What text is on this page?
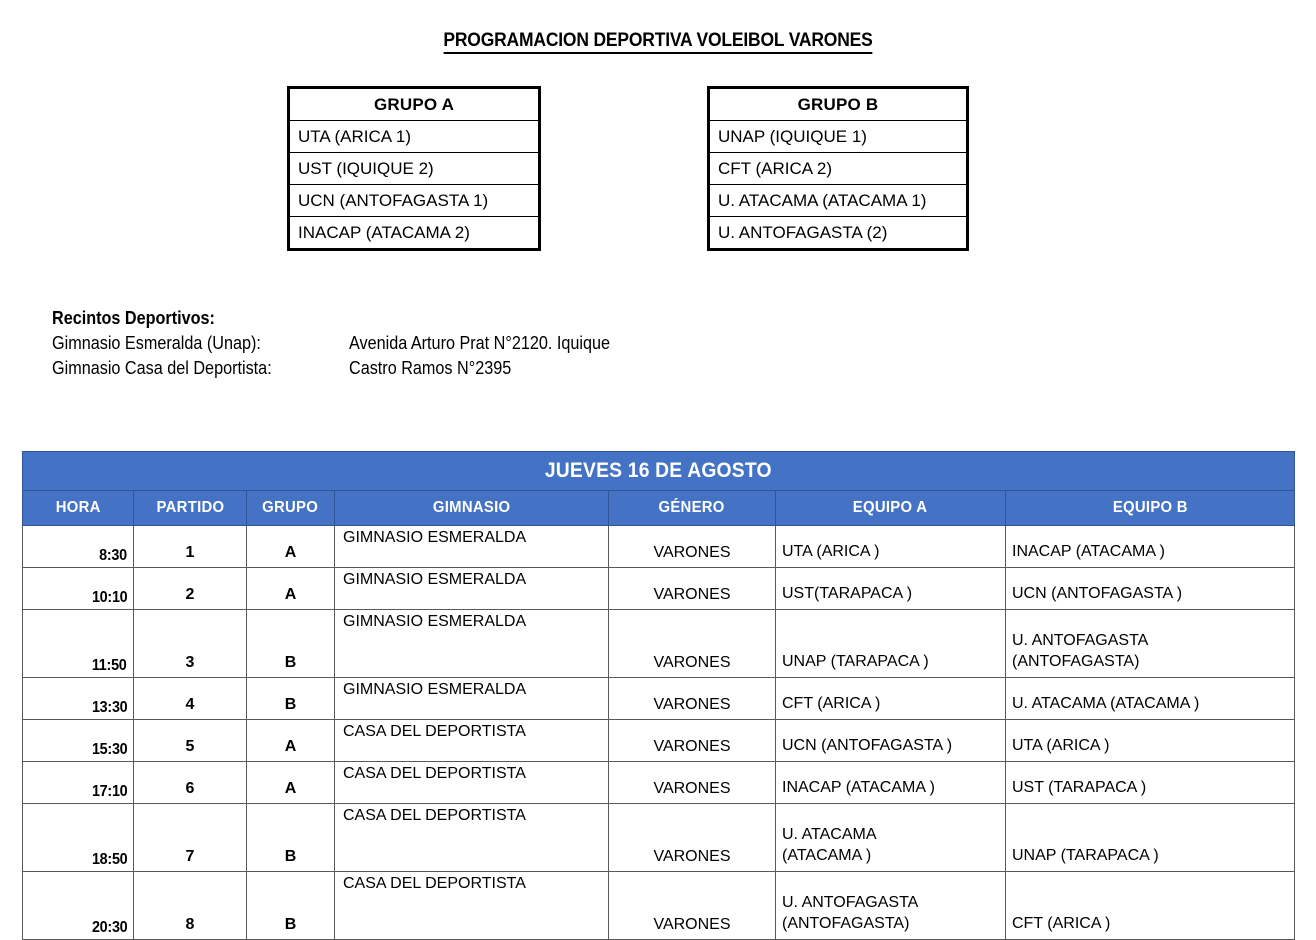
PROGRAMACION DEPORTIVA VOLEIBOL VARONES
GRUPO A
UTA (ARICA 1)
UST (IQUIQUE 2)
UCN (ANTOFAGASTA 1)
INACAP (ATACAMA 2)
GRUPO B
UNAP (IQUIQUE 1)
CFT (ARICA 2)
U. ATACAMA (ATACAMA 1)
U. ANTOFAGASTA (2)
Recintos Deportivos:
Gimnasio Esmeralda (Unap):	Avenida Arturo Prat N°2120. Iquique
Gimnasio Casa del Deportista:	Castro Ramos N°2395
JUEVES 16 DE AGOSTO						
HORA	PARTIDO	GRUPO	GIMNASIO	GÉNERO	EQUIPO A	EQUIPO B
8:30	1	A	GIMNASIO ESMERALDA	VARONES	UTA (ARICA )	INACAP (ATACAMA )

10:10	2	A	GIMNASIO ESMERALDA	VARONES	UST(TARAPACA )	UCN (ANTOFAGASTA )

11:50	3	B	GIMNASIO ESMERALDA	VARONES	UNAP (TARAPACA )	U. ANTOFAGASTA
(ANTOFAGASTA)

13:30	4	B	GIMNASIO ESMERALDA	VARONES	CFT (ARICA )	U. ATACAMA (ATACAMA )

15:30	5	A	CASA DEL DEPORTISTA	VARONES	UCN (ANTOFAGASTA )	UTA (ARICA )

17:10	6	A	CASA DEL DEPORTISTA	VARONES	INACAP (ATACAMA )	UST (TARAPACA )

18:50	7	B	CASA DEL DEPORTISTA	VARONES	U. ATACAMA
(ATACAMA )	UNAP (TARAPACA )

20:30	8	B	CASA DEL DEPORTISTA	VARONES	U. ANTOFAGASTA
(ANTOFAGASTA)	CFT (ARICA )
